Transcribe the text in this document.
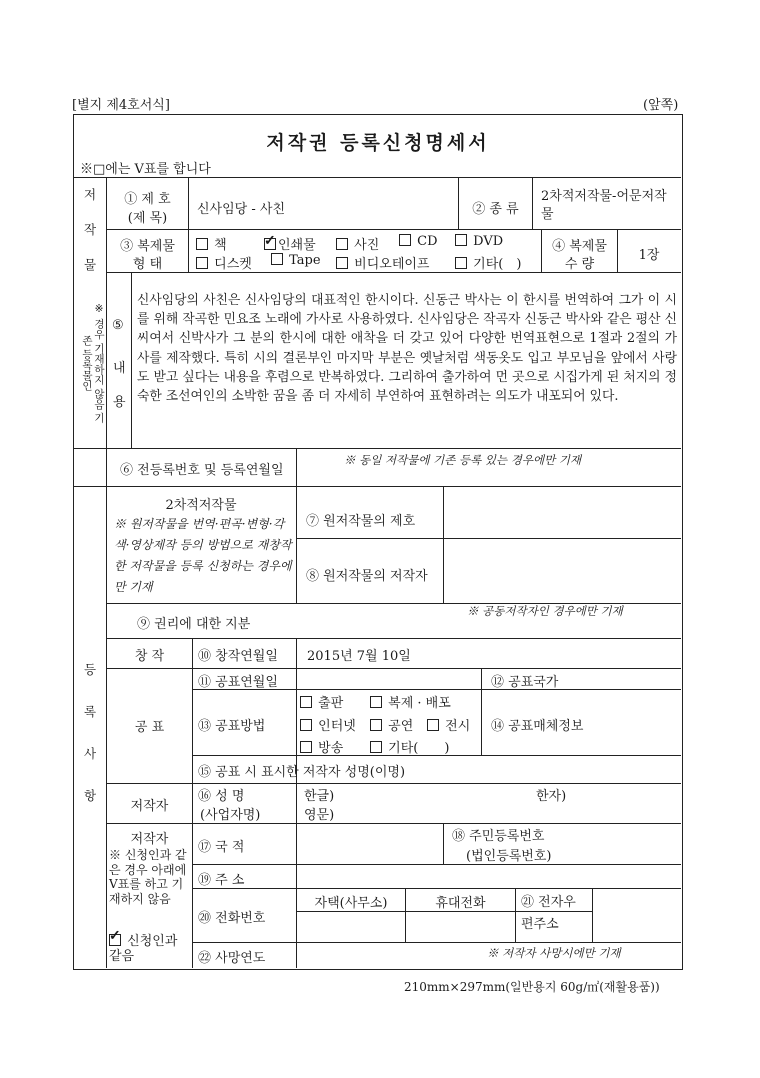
[별지 제4호서식]	(앞쪽)
저작권 등록신청명세서
※□에는 V표를 합니다
저
작
물
① 제 호
(제 목)
신사임당 - 사친	② 종 류
2차적저작물-어문저작물
③ 복제물
형 태
책
✓	인쇄물	사진	CD	DVD
디스켓	Tape	비디오테이프	기타(　)
④ 복제물
수 량
1장
※ 경우 기재하지 않음 기존 등록물인
⑤
내 용
신사임당의 사친은 신사임당의 대표적인 한시이다. 신동근 박사는 이 한시를 번역하여 그가 이 시를 위해 작곡한 민요조 노래에 가사로 사용하였다. 신사임당은 작곡자 신동근 박사와 같은 평산 신씨여서 신박사가 그 분의 한시에 대한 애착을 더 갖고 있어 다양한 번역표현으로 1절과 2절의 가사를 제작했다. 특히 시의 결론부인 마지막 부분은 옛날처럼 색동옷도 입고 부모님을 앞에서 사랑도 받고 싶다는 내용을 후렴으로 반복하였다. 그리하여 출가하여 먼 곳으로 시집가게 된 처지의 정숙한 조선여인의 소박한 꿈을 좀 더 자세히 부연하여 표현하려는 의도가 내포되어 있다.
⑥ 전등록번호 및 등록연월일
※ 동일 저작물에 기존 등록 있는 경우에만 기재
등
록
사
항
2차적저작물
※ 원저작물을 번역·편곡·변형·각색·영상제작 등의 방법으로 재창작한 저작물을 등록 신청하는 경우에만 기재
⑦ 원저작물의 제호
⑧ 원저작물의 저작자
⑨ 권리에 대한 지분
※ 공동저작자인 경우에만 기재
창 작	⑩ 창작연월일 2015년 7월 10일
공 표
⑪ 공표연월일	⑫ 공표국가
⑬ 공표방법
출판	복제 · 배포
인터넷	공연	전시
방송	기타(　　)
⑭ 공표매체정보
⑮ 공표 시 표시한 저작자 성명(이명)
저작자
⑯ 성 명
(사업자명)
한글)	한자)
영문)
저작자
※ 신청인과 같은 경우 아래에 V표를 하고 기재하지 않음
✓ 신청인과 같음
⑰ 국 적
⑱ 주민등록번호
(법인등록번호)
⑲ 주 소
⑳ 전화번호
자택(사무소)	휴대전화	㉑ 전자우편주소
㉒ 사망연도	※ 저작자 사망시에만 기재
210mm×297mm(일반용지 60g/㎡(재활용품))
